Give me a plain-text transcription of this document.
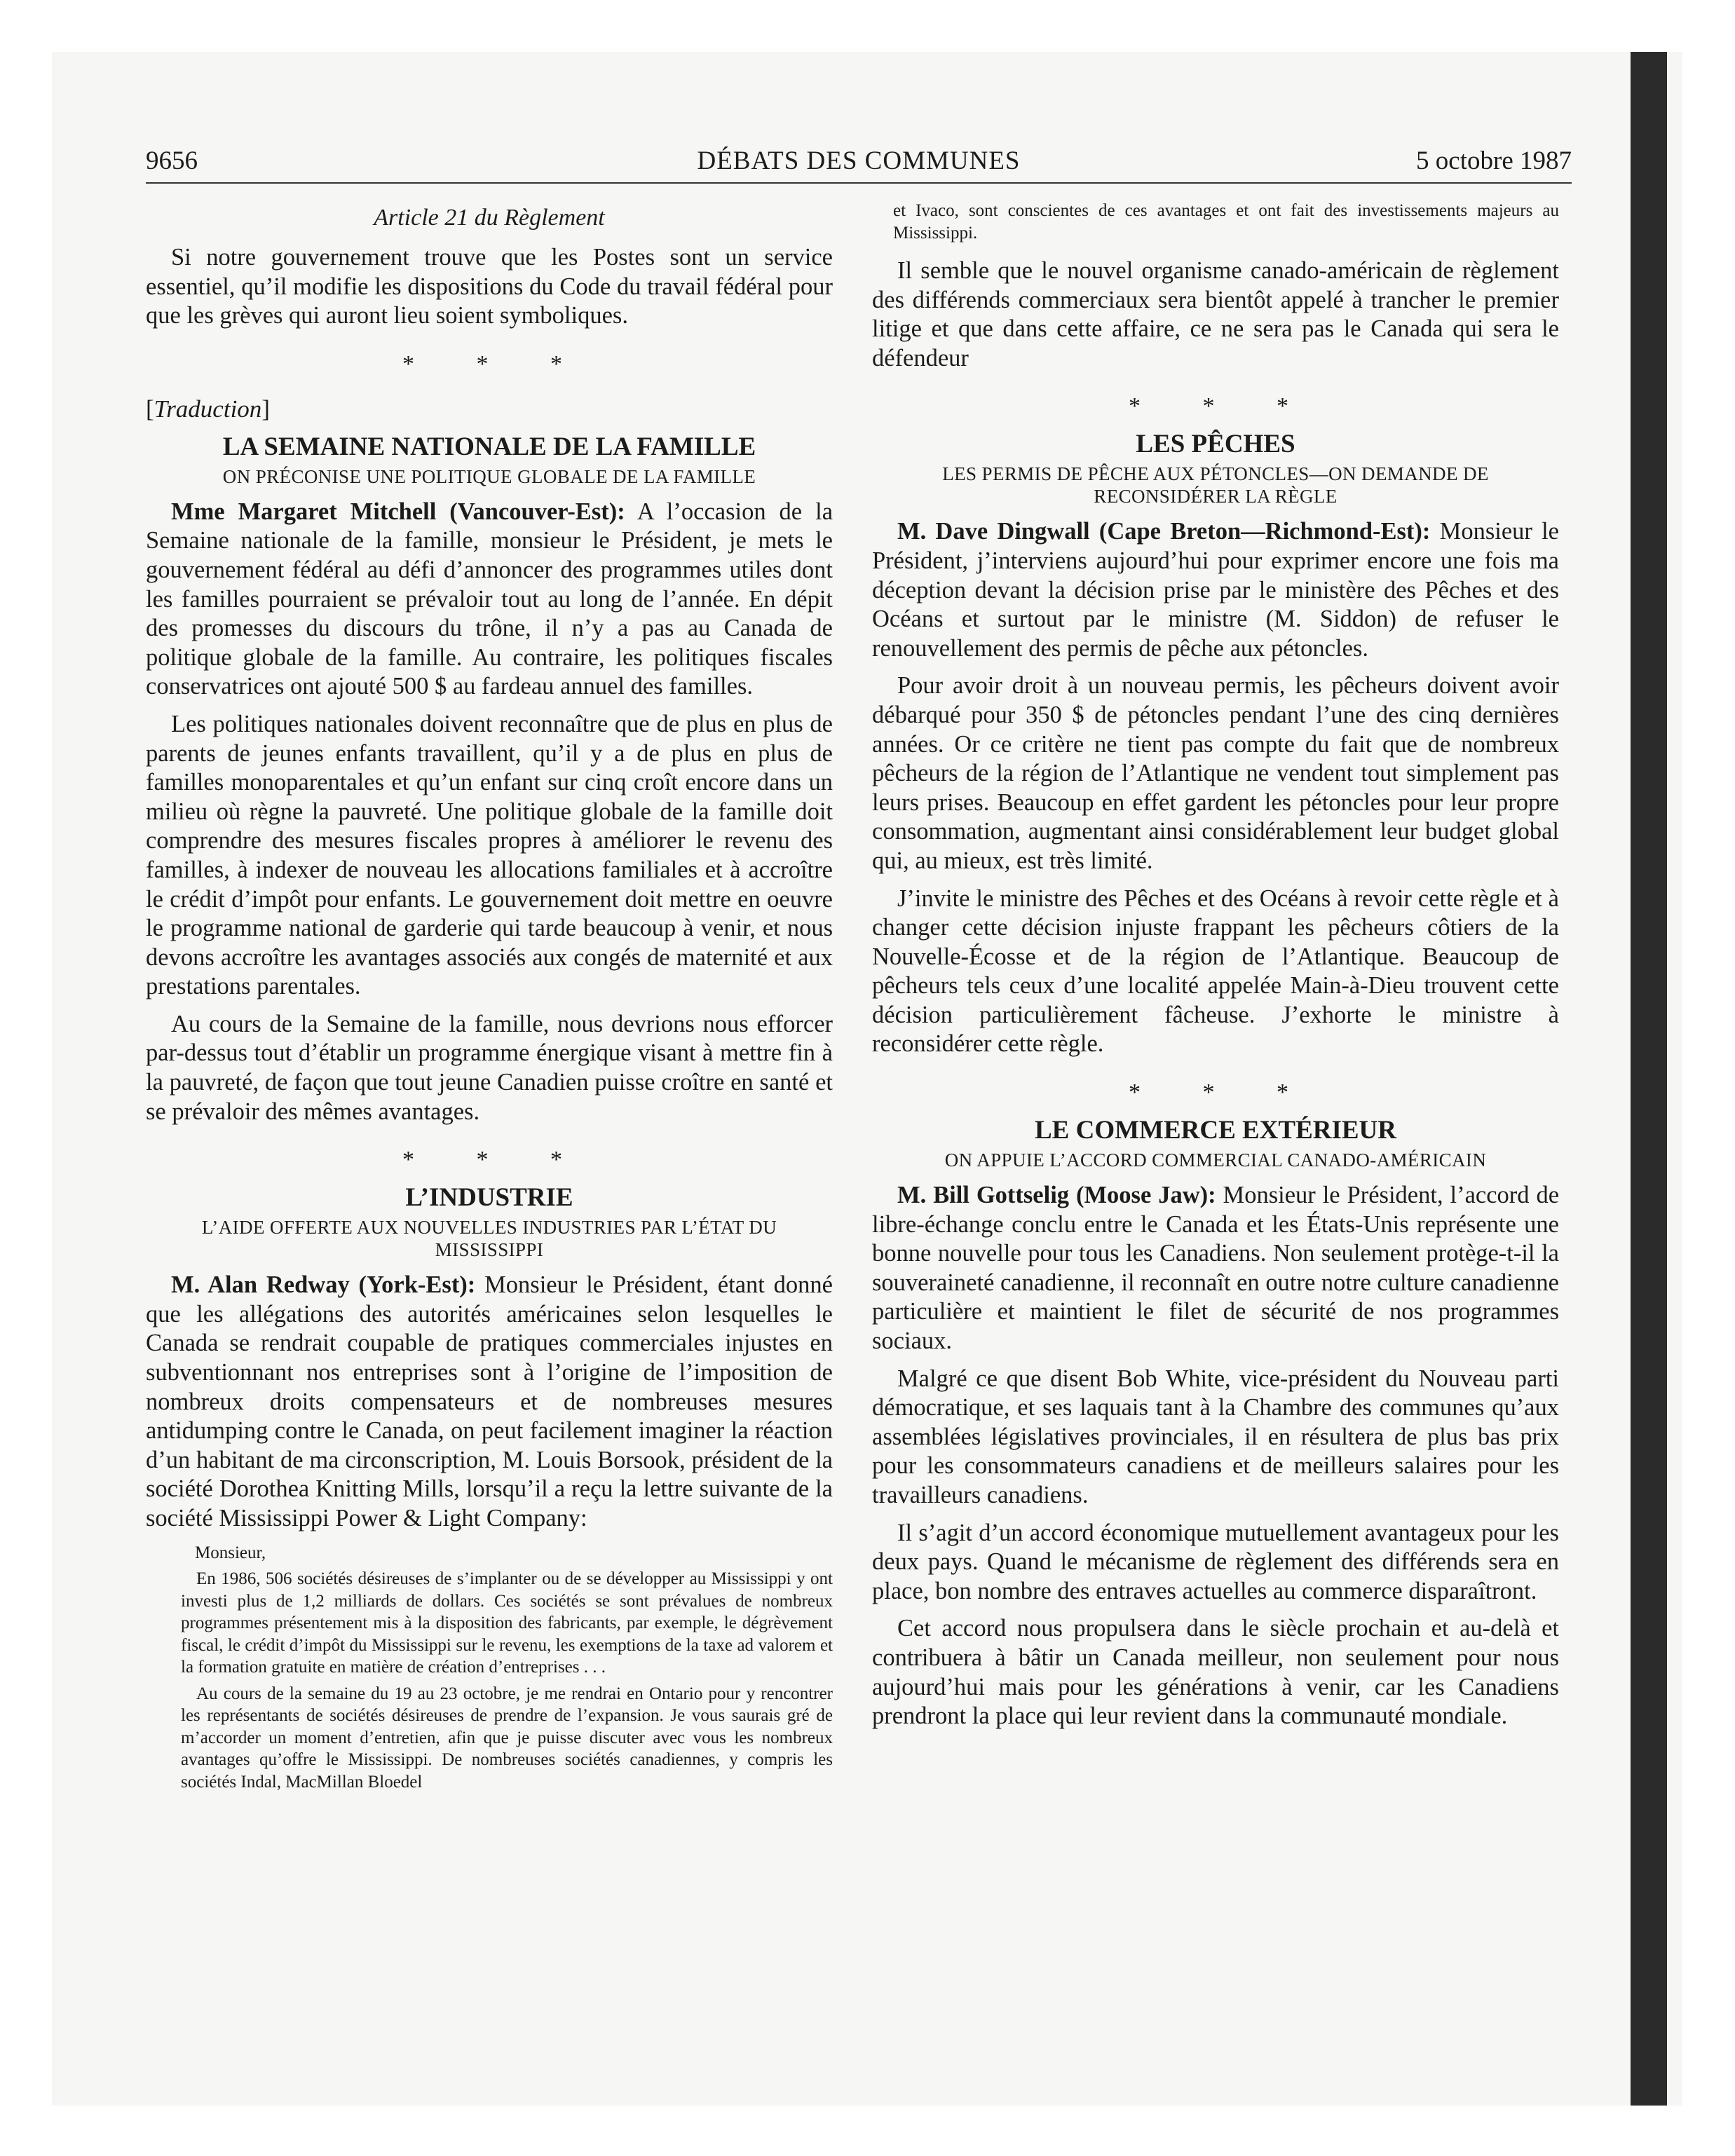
9656	DÉBATS DES COMMUNES	5 octobre 1987
Article 21 du Règlement

Si notre gouvernement trouve que les Postes sont un service essentiel, qu’il modifie les dispositions du Code du travail fédéral pour que les grèves qui auront lieu soient symboliques.

* * *
[Traduction]
LA SEMAINE NATIONALE DE LA FAMILLE
ON PRÉCONISE UNE POLITIQUE GLOBALE DE LA FAMILLE

Mme Margaret Mitchell (Vancouver-Est): A l’occasion de la Semaine nationale de la famille, monsieur le Président, je mets le gouvernement fédéral au défi d’annoncer des programmes utiles dont les familles pourraient se prévaloir tout au long de l’année. En dépit des promesses du discours du trône, il n’y a pas au Canada de politique globale de la famille. Au contraire, les politiques fiscales conservatrices ont ajouté 500 $ au fardeau annuel des familles.

Les politiques nationales doivent reconnaître que de plus en plus de parents de jeunes enfants travaillent, qu’il y a de plus en plus de familles monoparentales et qu’un enfant sur cinq croît encore dans un milieu où règne la pauvreté. Une politique globale de la famille doit comprendre des mesures fiscales propres à améliorer le revenu des familles, à indexer de nouveau les allocations familiales et à accroître le crédit d’impôt pour enfants. Le gouvernement doit mettre en oeuvre le programme national de garderie qui tarde beaucoup à venir, et nous devons accroître les avantages associés aux congés de maternité et aux prestations parentales.

Au cours de la Semaine de la famille, nous devrions nous efforcer par-dessus tout d’établir un programme énergique visant à mettre fin à la pauvreté, de façon que tout jeune Canadien puisse croître en santé et se prévaloir des mêmes avantages.

* * *
L’INDUSTRIE
L’AIDE OFFERTE AUX NOUVELLES INDUSTRIES PAR L’ÉTAT DU MISSISSIPPI

M. Alan Redway (York-Est): Monsieur le Président, étant donné que les allégations des autorités américaines selon lesquelles le Canada se rendrait coupable de pratiques commerciales injustes en subventionnant nos entreprises sont à l’origine de l’imposition de nombreux droits compensateurs et de nombreuses mesures antidumping contre le Canada, on peut facilement imaginer la réaction d’un habitant de ma circonscription, M. Louis Borsook, président de la société Dorothea Knitting Mills, lorsqu’il a reçu la lettre suivante de la société Mississippi Power & Light Company:

Monsieur,

En 1986, 506 sociétés désireuses de s’implanter ou de se développer au Mississippi y ont investi plus de 1,2 milliards de dollars. Ces sociétés se sont prévalues de nombreux programmes présentement mis à la disposition des fabricants, par exemple, le dégrèvement fiscal, le crédit d’impôt du Mississippi sur le revenu, les exemptions de la taxe ad valorem et la formation gratuite en matière de création d’entreprises . . .

Au cours de la semaine du 19 au 23 octobre, je me rendrai en Ontario pour y rencontrer les représentants de sociétés désireuses de prendre de l’expansion. Je vous saurais gré de m’accorder un moment d’entretien, afin que je puisse discuter avec vous les nombreux avantages qu’offre le Mississippi. De nombreuses sociétés canadiennes, y compris les sociétés Indal, MacMillan Bloedel

et Ivaco, sont conscientes de ces avantages et ont fait des investissements majeurs au Mississippi.

Il semble que le nouvel organisme canado-américain de règlement des différends commerciaux sera bientôt appelé à trancher le premier litige et que dans cette affaire, ce ne sera pas le Canada qui sera le défendeur

* * *
LES PÊCHES
LES PERMIS DE PÊCHE AUX PÉTONCLES—ON DEMANDE DE RECONSIDÉRER LA RÈGLE

M. Dave Dingwall (Cape Breton—Richmond-Est): Monsieur le Président, j’interviens aujourd’hui pour exprimer encore une fois ma déception devant la décision prise par le ministère des Pêches et des Océans et surtout par le ministre (M. Siddon) de refuser le renouvellement des permis de pêche aux pétoncles.

Pour avoir droit à un nouveau permis, les pêcheurs doivent avoir débarqué pour 350 $ de pétoncles pendant l’une des cinq dernières années. Or ce critère ne tient pas compte du fait que de nombreux pêcheurs de la région de l’Atlantique ne vendent tout simplement pas leurs prises. Beaucoup en effet gardent les pétoncles pour leur propre consommation, augmentant ainsi considérablement leur budget global qui, au mieux, est très limité.

J’invite le ministre des Pêches et des Océans à revoir cette règle et à changer cette décision injuste frappant les pêcheurs côtiers de la Nouvelle-Écosse et de la région de l’Atlantique. Beaucoup de pêcheurs tels ceux d’une localité appelée Main-à-Dieu trouvent cette décision particulièrement fâcheuse. J’exhorte le ministre à reconsidérer cette règle.

* * *
LE COMMERCE EXTÉRIEUR
ON APPUIE L’ACCORD COMMERCIAL CANADO-AMÉRICAIN

M. Bill Gottselig (Moose Jaw): Monsieur le Président, l’accord de libre-échange conclu entre le Canada et les États-Unis représente une bonne nouvelle pour tous les Canadiens. Non seulement protège-t-il la souveraineté canadienne, il reconnaît en outre notre culture canadienne particulière et maintient le filet de sécurité de nos programmes sociaux.

Malgré ce que disent Bob White, vice-président du Nouveau parti démocratique, et ses laquais tant à la Chambre des communes qu’aux assemblées législatives provinciales, il en résultera de plus bas prix pour les consommateurs canadiens et de meilleurs salaires pour les travailleurs canadiens.

Il s’agit d’un accord économique mutuellement avantageux pour les deux pays. Quand le mécanisme de règlement des différends sera en place, bon nombre des entraves actuelles au commerce disparaîtront.

Cet accord nous propulsera dans le siècle prochain et au-delà et contribuera à bâtir un Canada meilleur, non seulement pour nous aujourd’hui mais pour les générations à venir, car les Canadiens prendront la place qui leur revient dans la communauté mondiale.
